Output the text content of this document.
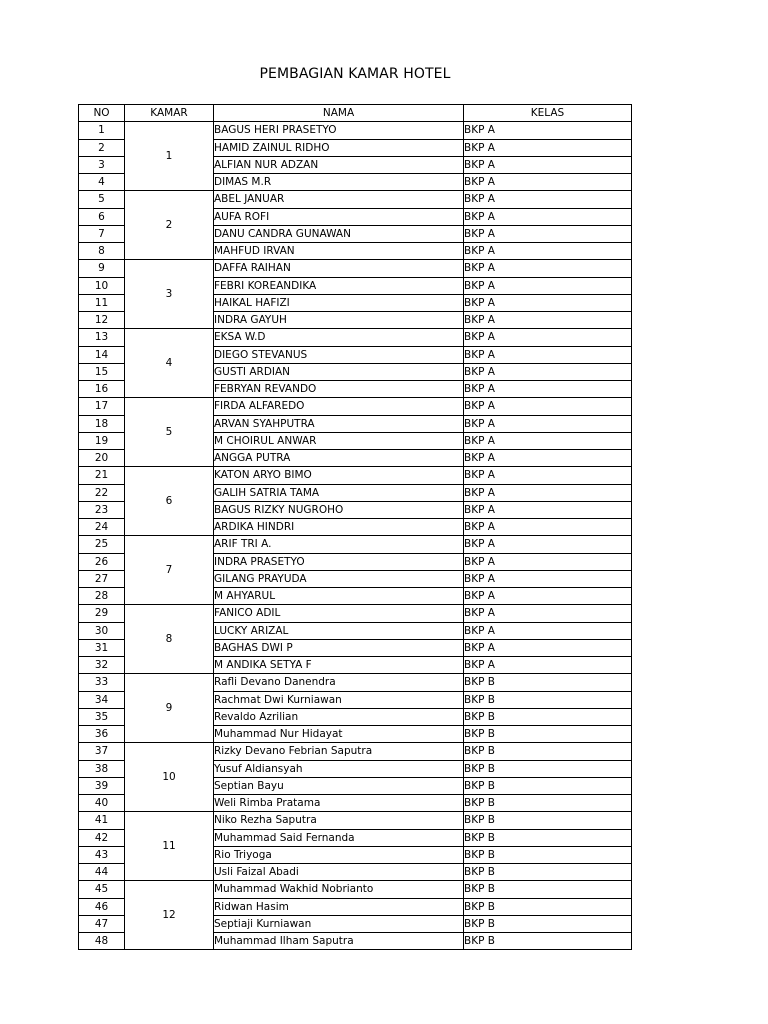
PEMBAGIAN KAMAR HOTEL
NO	KAMAR	NAMA	KELAS
1	1	BAGUS HERI PRASETYO	BKP A
2		HAMID ZAINUL RIDHO	BKP A
3		ALFIAN NUR ADZAN	BKP A
4		DIMAS M.R	BKP A
5	2	ABEL JANUAR	BKP A
6		AUFA ROFI	BKP A
7		DANU CANDRA GUNAWAN	BKP A
8		MAHFUD IRVAN	BKP A
9	3	DAFFA RAIHAN	BKP A
10		FEBRI KOREANDIKA	BKP A
11		HAIKAL HAFIZI	BKP A
12		INDRA GAYUH	BKP A
13	4	EKSA W.D	BKP A
14		DIEGO STEVANUS	BKP A
15		GUSTI ARDIAN	BKP A
16		FEBRYAN REVANDO	BKP A
17	5	FIRDA ALFAREDO	BKP A
18		ARVAN SYAHPUTRA	BKP A
19		M CHOIRUL ANWAR	BKP A
20		ANGGA PUTRA	BKP A
21	6	KATON ARYO BIMO	BKP A
22		GALIH SATRIA TAMA	BKP A
23		BAGUS RIZKY NUGROHO	BKP A
24		ARDIKA HINDRI	BKP A
25	7	ARIF TRI A.	BKP A
26		INDRA PRASETYO	BKP A
27		GILANG PRAYUDA	BKP A
28		M AHYARUL	BKP A
29	8	FANICO ADIL	BKP A
30		LUCKY ARIZAL	BKP A
31		BAGHAS DWI P	BKP A
32		M ANDIKA SETYA F	BKP A
33	9	Rafli Devano Danendra	BKP B
34		Rachmat Dwi Kurniawan	BKP B
35		Revaldo Azrilian	BKP B
36		Muhammad Nur Hidayat	BKP B
37	10	Rizky Devano Febrian Saputra	BKP B
38		Yusuf Aldiansyah	BKP B
39		Septian Bayu	BKP B
40		Weli Rimba Pratama	BKP B
41	11	Niko Rezha Saputra	BKP B
42		Muhammad Said Fernanda	BKP B
43		Rio Triyoga	BKP B
44		Usli Faizal Abadi	BKP B
45	12	Muhammad Wakhid Nobrianto	BKP B
46		Ridwan Hasim	BKP B
47		Septiaji Kurniawan	BKP B
48		Muhammad Ilham Saputra	BKP B
